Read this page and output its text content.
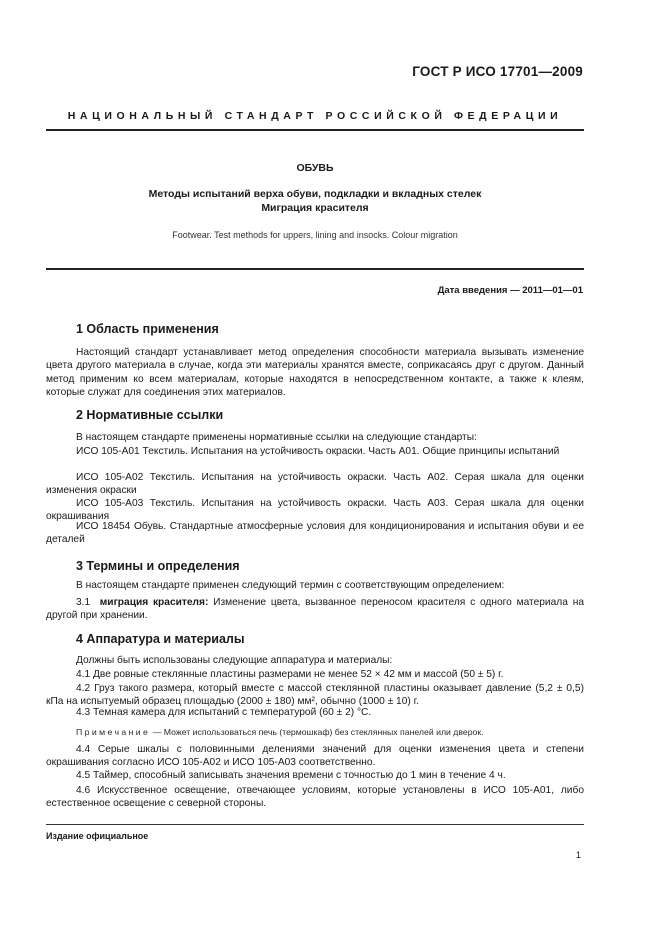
ГОСТ Р ИСО 17701—2009
НАЦИОНАЛЬНЫЙ СТАНДАРТ РОССИЙСКОЙ ФЕДЕРАЦИИ
ОБУВЬ
Методы испытаний верха обуви, подкладки и вкладных стелек
Миграция красителя
Footwear. Test methods for uppers, lining and insocks. Colour migration
Дата введения — 2011—01—01
1 Область применения
Настоящий стандарт устанавливает метод определения способности материала вызывать изменение цвета другого материала в случае, когда эти материалы хранятся вместе, соприкасаясь друг с другом. Данный метод применим ко всем материалам, которые находятся в непосредственном контакте, а также к клеям, которые служат для соединения этих материалов.
2 Нормативные ссылки
В настоящем стандарте применены нормативные ссылки на следующие стандарты:
ИСО 105-А01 Текстиль. Испытания на устойчивость окраски. Часть А01. Общие принципы испытаний
ИСО 105-А02 Текстиль. Испытания на устойчивость окраски. Часть А02. Серая шкала для оценки изменения окраски
ИСО 105-А03 Текстиль. Испытания на устойчивость окраски. Часть А03. Серая шкала для оценки окрашивания
ИСО 18454 Обувь. Стандартные атмосферные условия для кондиционирования и испытания обуви и ее деталей
3 Термины и определения
В настоящем стандарте применен следующий термин с соответствующим определением:
3.1 миграция красителя: Изменение цвета, вызванное переносом красителя с одного материала на другой при хранении.
4 Аппаратура и материалы
Должны быть использованы следующие аппаратура и материалы:
4.1 Две ровные стеклянные пластины размерами не менее 52 × 42 мм и массой (50 ± 5) г.
4.2 Груз такого размера, который вместе с массой стеклянной пластины оказывает давление (5,2 ± 0,5) кПа на испытуемый образец площадью (2000 ± 180) мм², обычно (1000 ± 10) г.
4.3 Темная камера для испытаний с температурой (60 ± 2) °С.
Примечание — Может использоваться печь (термошкаф) без стеклянных панелей или дверок.
4.4 Серые шкалы с половинными делениями значений для оценки изменения цвета и степени окрашивания согласно ИСО 105-А02 и ИСО 105-А03 соответственно.
4.5 Таймер, способный записывать значения времени с точностью до 1 мин в течение 4 ч.
4.6 Искусственное освещение, отвечающее условиям, которые установлены в ИСО 105-А01, либо естественное освещение с северной стороны.
Издание официальное
1
